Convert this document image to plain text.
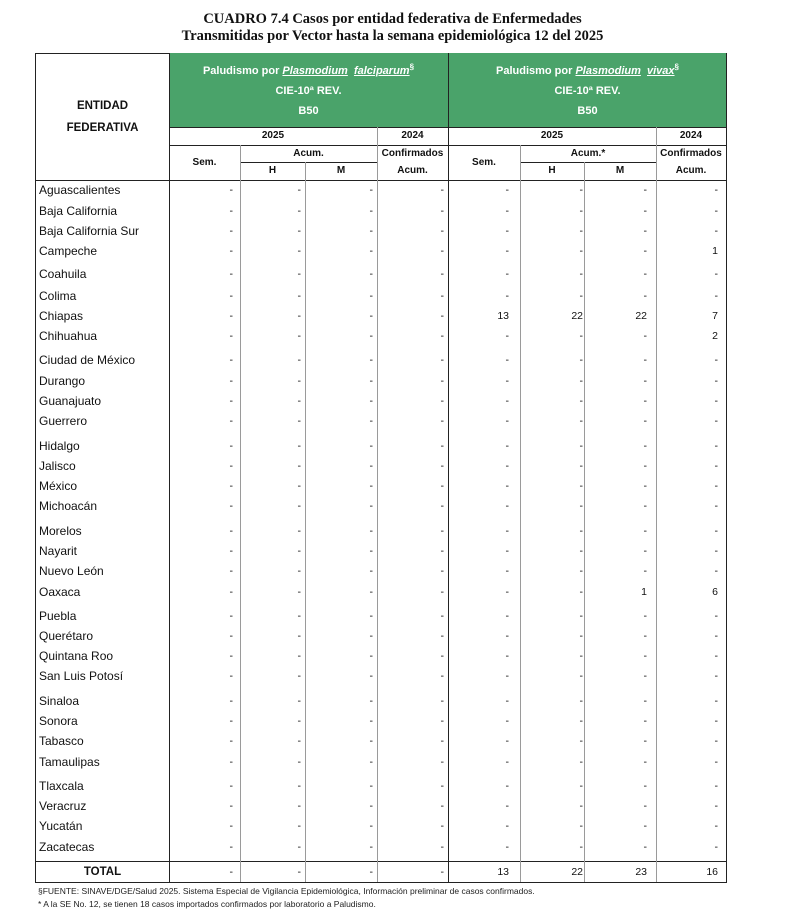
CUADRO 7.4 Casos por entidad federativa de Enfermedades
Transmitidas por Vector hasta la semana epidemiológica 12 del 2025
Paludismo por Plasmodium falciparum§
CIE-10ª REV.
B50
Paludismo por Plasmodium vivax§
CIE-10ª REV.
B50
ENTIDAD
FEDERATIVA
2025	2024	2025	2024
Sem.
Acum.	Confirmados
H	M	Acum.
Sem.
Acum.*	Confirmados
H	M	Acum.
Aguascalientes	-	-	-	-	-	-	-	-
Baja California	-	-	-	-	-	-	-	-
Baja California Sur	-	-	-	-	-	-	-	-
Campeche	-	-	-	-	-	-	-	1
Coahuila	-	-	-	-	-	-	-	-
Colima	-	-	-	-	-	-	-	-
Chiapas	-	-	-	-	13	22	22	7
Chihuahua	-	-	-	-	-	-	-	2
Ciudad de México	-	-	-	-	-	-	-	-
Durango	-	-	-	-	-	-	-	-
Guanajuato	-	-	-	-	-	-	-	-
Guerrero	-	-	-	-	-	-	-	-
Hidalgo	-	-	-	-	-	-	-	-
Jalisco	-	-	-	-	-	-	-	-
México	-	-	-	-	-	-	-	-
Michoacán	-	-	-	-	-	-	-	-
Morelos	-	-	-	-	-	-	-	-
Nayarit	-	-	-	-	-	-	-	-
Nuevo León	-	-	-	-	-	-	-	-
Oaxaca	-	-	-	-	-	-	1	6
Puebla	-	-	-	-	-	-	-	-
Querétaro	-	-	-	-	-	-	-	-
Quintana Roo	-	-	-	-	-	-	-	-
San Luis Potosí	-	-	-	-	-	-	-	-
Sinaloa	-	-	-	-	-	-	-	-
Sonora	-	-	-	-	-	-	-	-
Tabasco	-	-	-	-	-	-	-	-
Tamaulipas	-	-	-	-	-	-	-	-
Tlaxcala	-	-	-	-	-	-	-	-
Veracruz	-	-	-	-	-	-	-	-
Yucatán	-	-	-	-	-	-	-	-
Zacatecas	-	-	-	-	-	-	-	-
TOTAL	-	-	-	-	13	22	23	16
§FUENTE: SINAVE/DGE/Salud 2025. Sistema Especial de Vigilancia Epidemiológica, Información preliminar de casos confirmados.
* A la SE No. 12, se tienen 18 casos importados confirmados por laboratorio a Paludismo.
